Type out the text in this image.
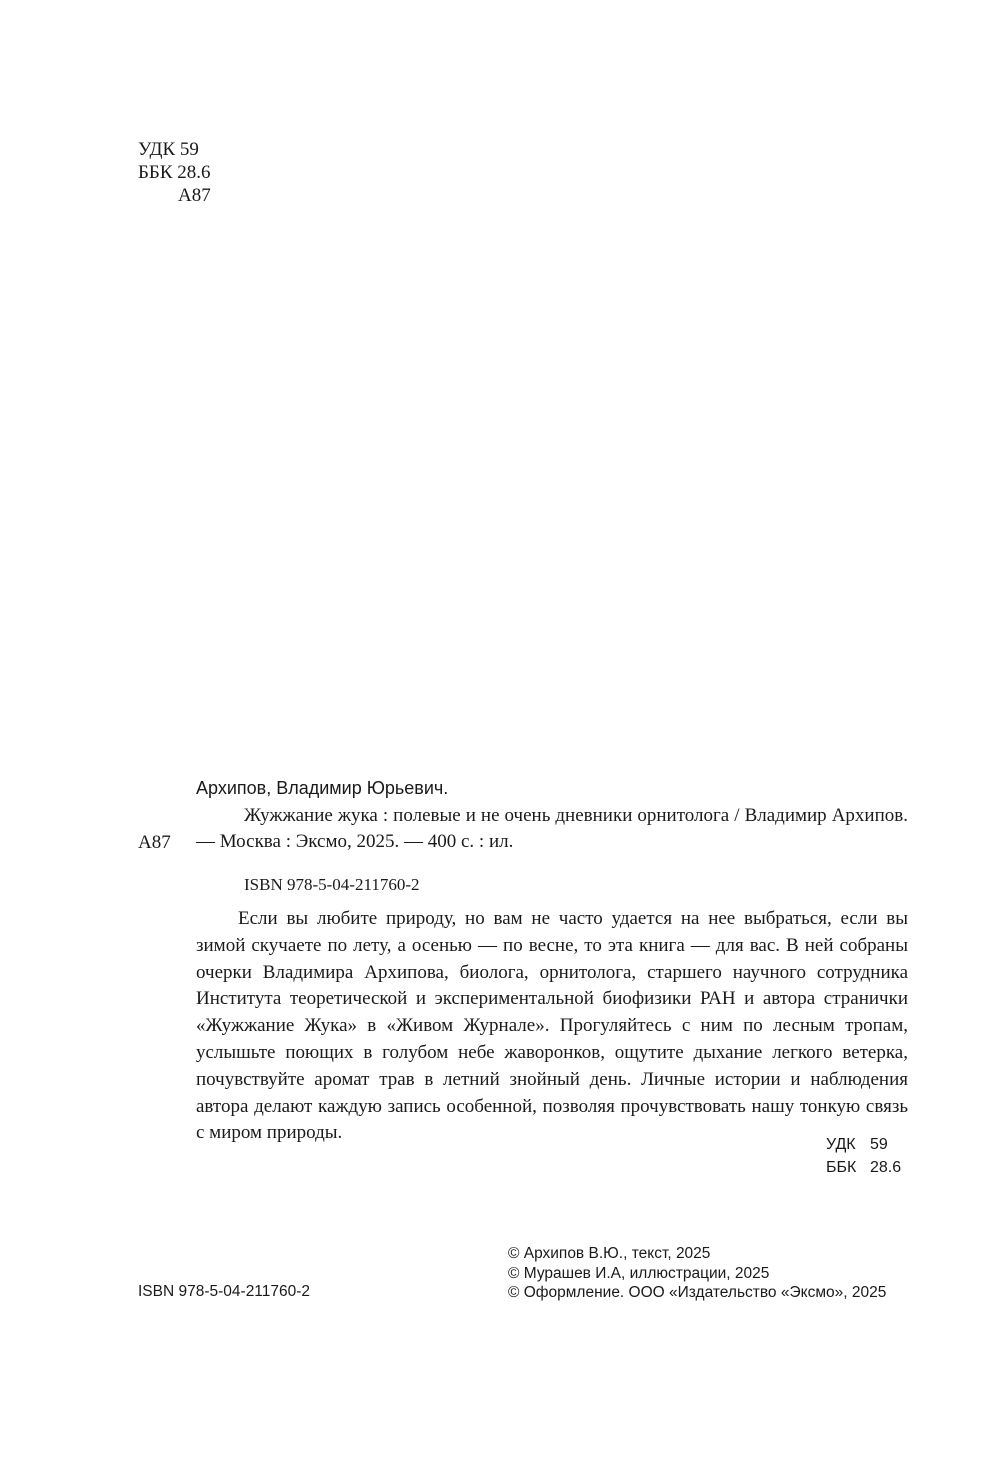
УДК 59
ББК 28.6
А87
Архипов, Владимир Юрьевич.
Жужжание жука : полевые и не очень дневники орнитолога / Владимир Архипов. — Москва : Эксмо, 2025. — 400 с. : ил.
А87
ISBN 978-5-04-211760-2
Если вы любите природу, но вам не часто удается на нее выбраться, если вы зимой скучаете по лету, а осенью — по весне, то эта книга — для вас. В ней собраны очерки Владимира Архипова, биолога, орнитолога, старшего научного сотрудника Института теоретической и экспериментальной биофизики РАН и автора странички «Жужжание Жука» в «Живом Журнале». Прогуляйтесь с ним по лесным тропам, услышьте поющих в голубом небе жаворонков, ощутите дыхание легкого ветерка, почувствуйте аромат трав в летний знойный день. Личные истории и наблюдения автора делают каждую запись особенной, позволяя прочувствовать нашу тонкую связь с миром природы.
УДК 59
ББК 28.6
ISBN 978-5-04-211760-2
© Архипов В.Ю., текст, 2025
© Мурашев И.А, иллюстрации, 2025
© Оформление. ООО «Издательство «Эксмо», 2025
